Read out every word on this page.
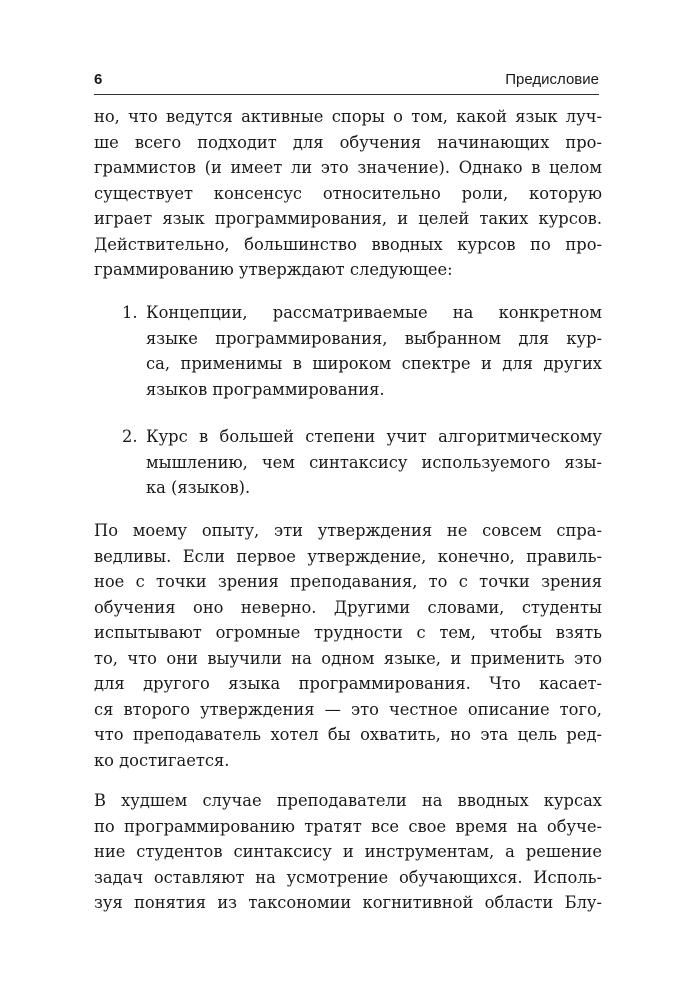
6	Предисловие
но, что ведутся активные споры о том, какой язык луч-
ше всего подходит для обучения начинающих про-
граммистов (и имеет ли это значение). Однако в целом
существует консенсус относительно роли, которую
играет язык программирования, и целей таких курсов.
Действительно, большинство вводных курсов по про-
граммированию утверждают следующее:
1. Концепции, рассматриваемые на конкретном
языке программирования, выбранном для кур-
са, применимы в широком спектре и для других
языков программирования.
2. Курс в большей степени учит алгоритмическому
мышлению, чем синтаксису используемого язы-
ка (языков).
По моему опыту, эти утверждения не совсем спра-
ведливы. Если первое утверждение, конечно, правиль-
ное с точки зрения преподавания, то с точки зрения
обучения оно неверно. Другими словами, студенты
испытывают огромные трудности с тем, чтобы взять
то, что они выучили на одном языке, и применить это
для другого языка программирования. Что касает-
ся второго утверждения — это честное описание того,
что преподаватель хотел бы охватить, но эта цель ред-
ко достигается.
В худшем случае преподаватели на вводных курсах
по программированию тратят все свое время на обуче-
ние студентов синтаксису и инструментам, а решение
задач оставляют на усмотрение обучающихся. Исполь-
зуя понятия из таксономии когнитивной области Блу-
